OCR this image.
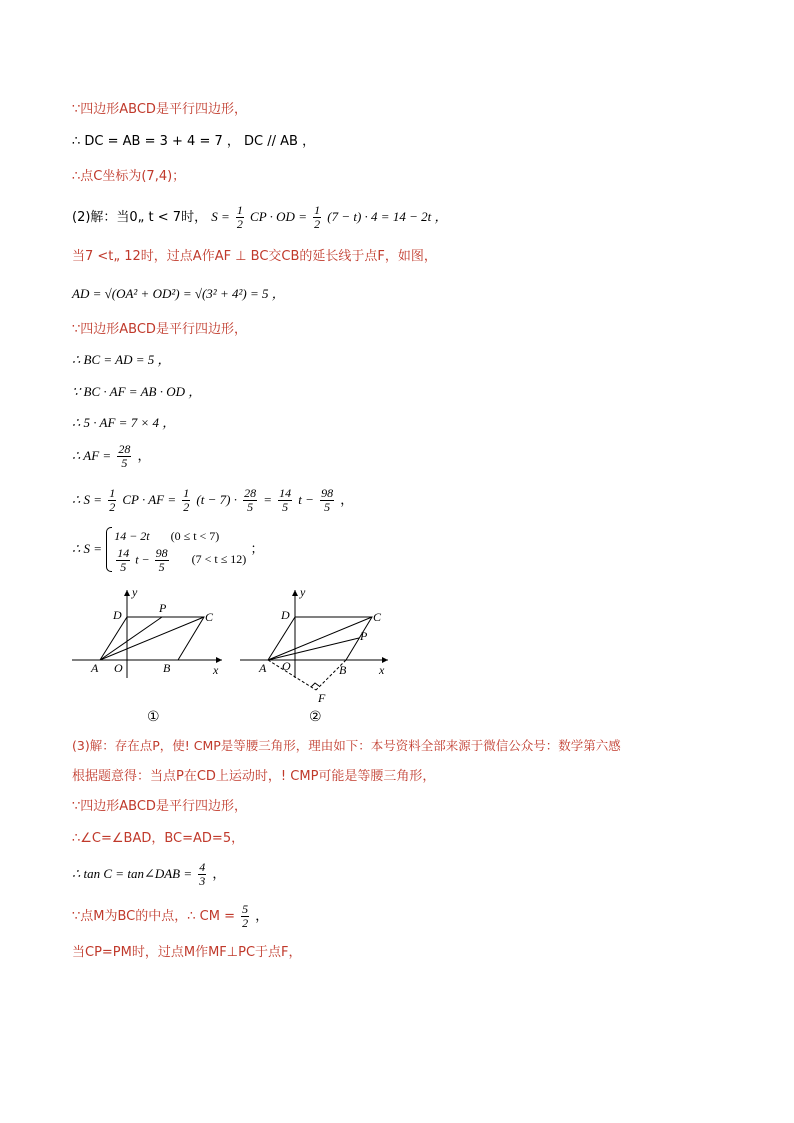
∵四边形ABCD是平行四边形，
∴ DC = AB = 3 + 4 = 7 ， DC // AB ，
∴点C坐标为(7,4)；
(2)解：当0„ t < 7时， $S = \frac{1}{2}$ CP · OD = $\frac{1}{2} (7 - t) \cdot 4 = 14 - 2t$ ，
当7 <t„ 12时，过点A作AF ⊥ BC交CB的延长线于点F，如图，
AD = √(OA² + OD²) = √(3² + 4²) = 5 ，
∵四边形ABCD是平行四边形，
∴ BC = AD = 5 ，
∵ BC · AF = AB · OD ，
∴ 5 · AF = 7 × 4 ，
∴ AF = $\frac{28}{5}$ ，
∴ $S = \frac{1}{2}$ CP · AF = $\frac{1}{2} (t - 7) \cdot \frac{28}{5} = \frac{14}{5}$ $t - \frac{98}{5}$ ，
∴ S =
14 − 2t (0 ≤ t < 7)
$\frac{14}{5}$ $t - \frac{98}{5} (7 < t \le 12)$
；
y
x
D	P
C
A O	B
①
y
x
D	C
P
A O	B
F
②
(3)解：存在点P，使! CMP是等腰三角形，理由如下：本号资料全部来源于微信公众号：数学第六感
根据题意得：当点P在CD上运动时，! CMP可能是等腰三角形，
∵四边形ABCD是平行四边形，
∴∠C=∠BAD，BC=AD=5，
∴ tan C = tan∠DAB = $\frac{4}{3}$ ，
∵点M为BC的中点，∴ CM = $\frac{5}{2}$ ，
当CP=PM时，过点M作MF⊥PC于点F，
